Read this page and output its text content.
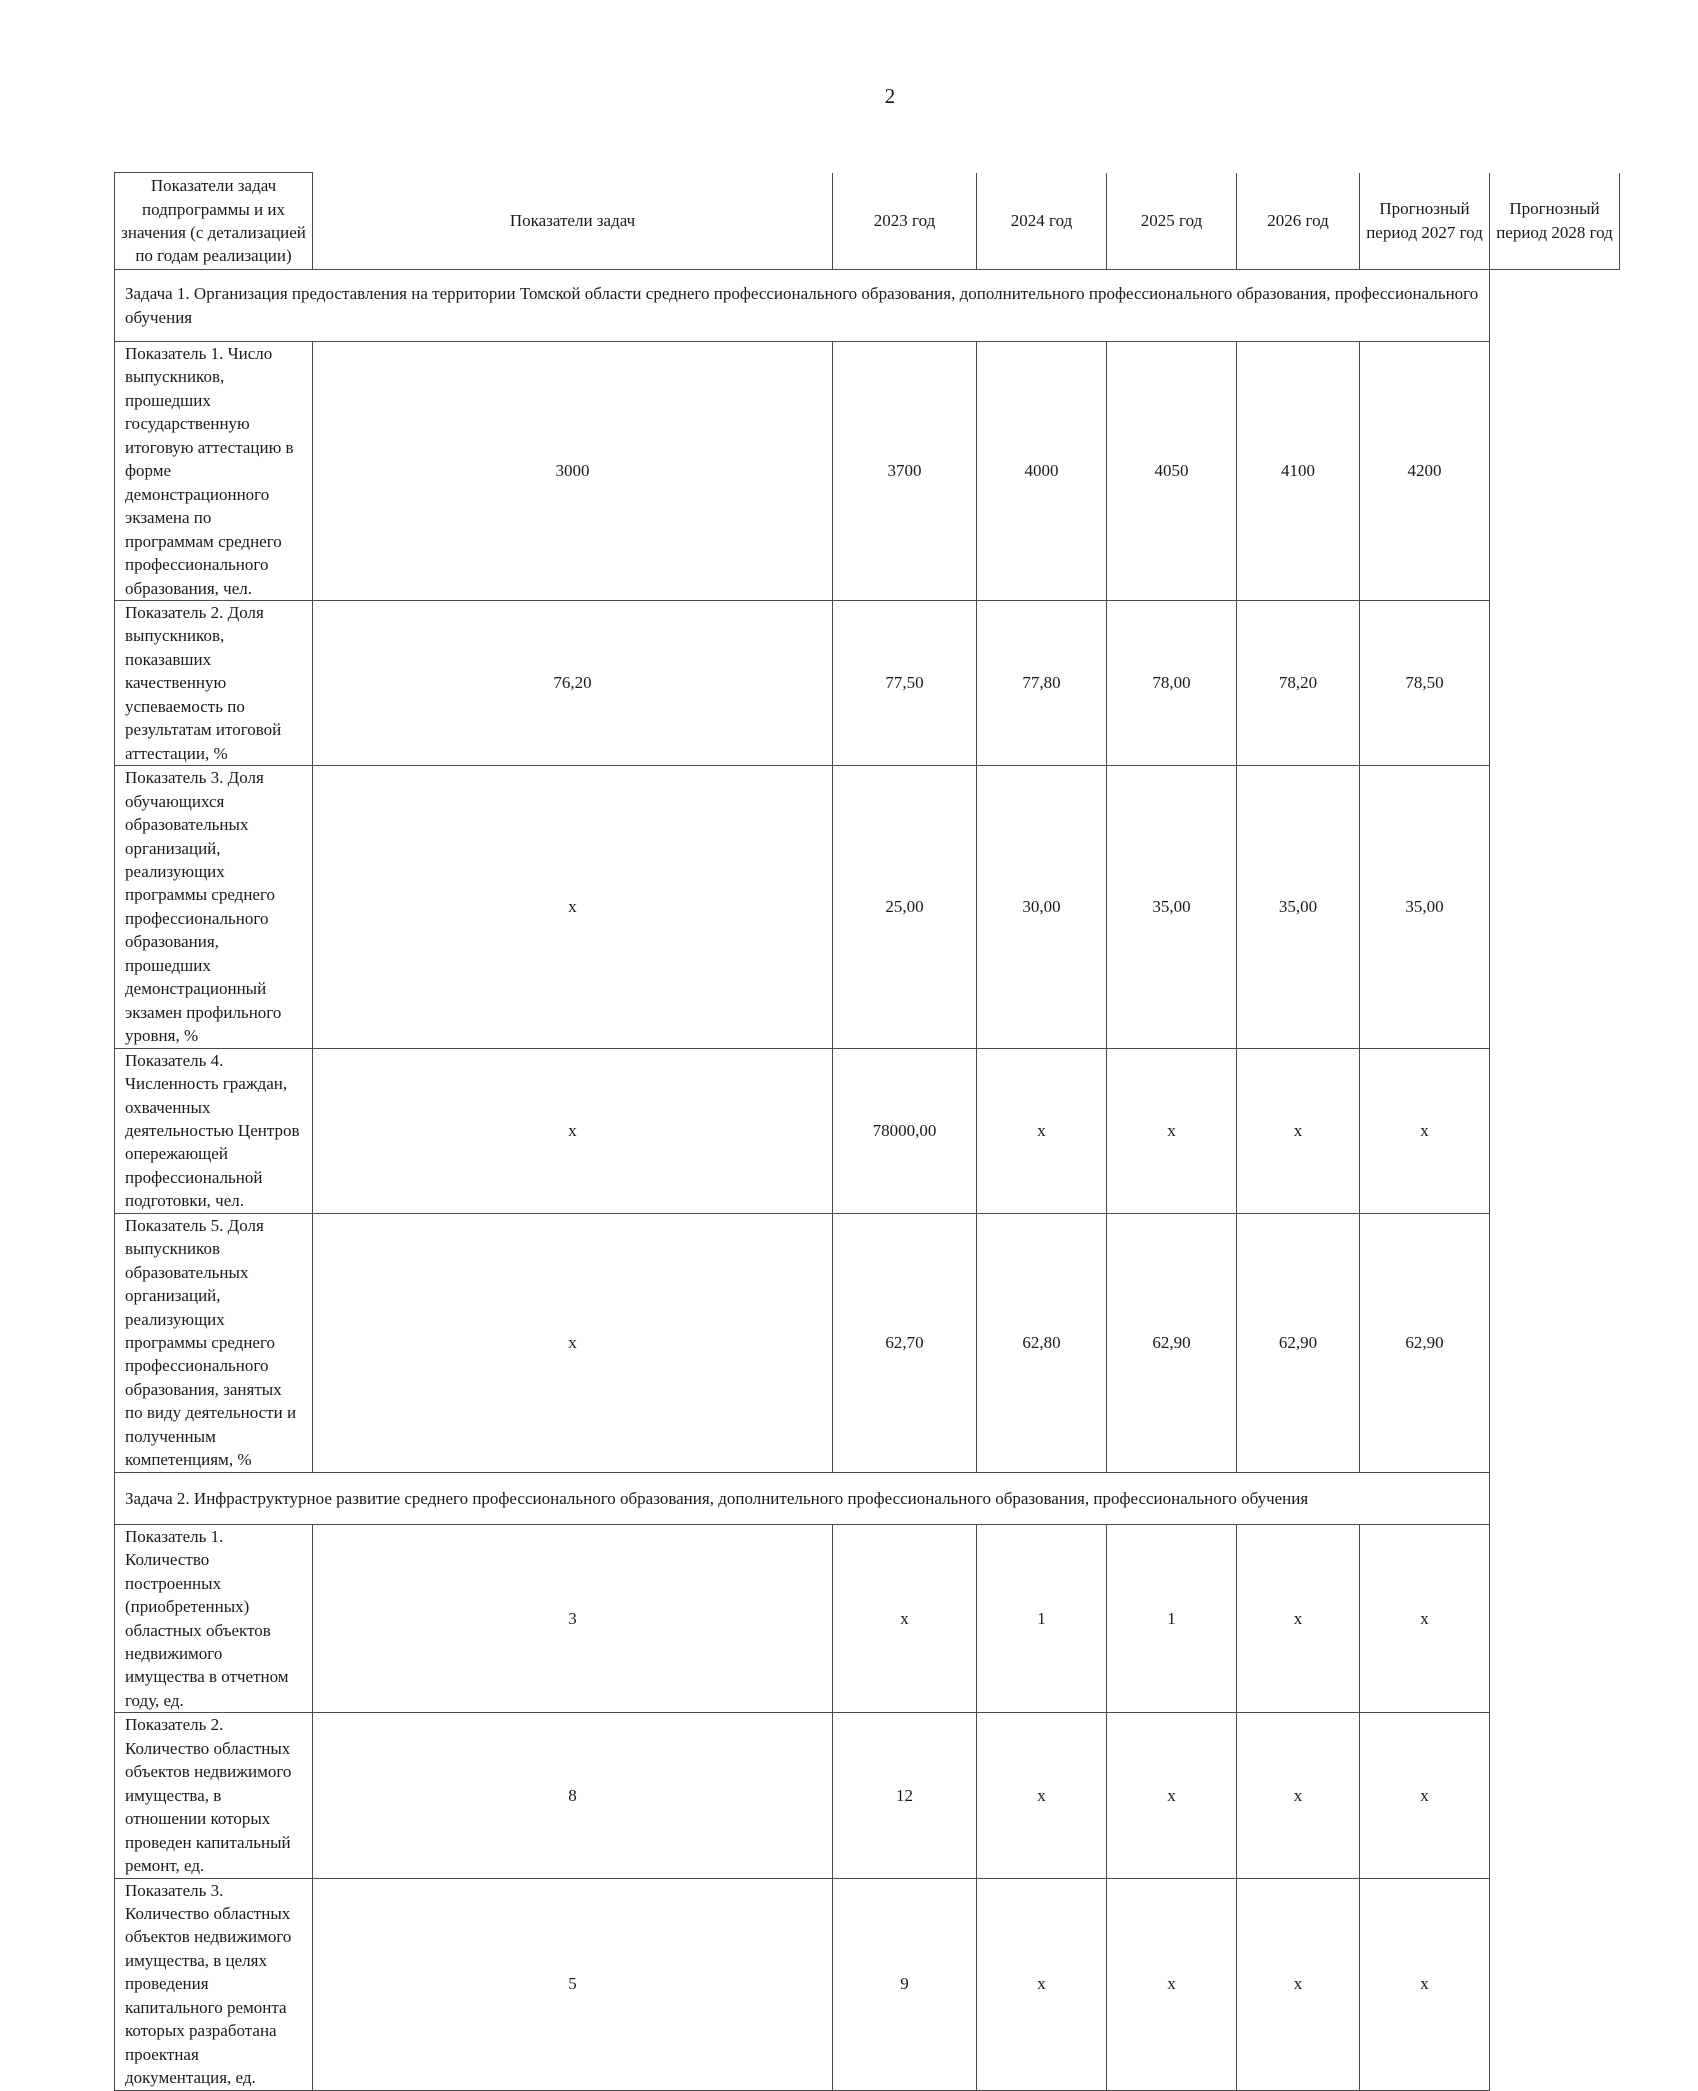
2
Показатели задач подпрограммы и их значения (с детализацией по годам реализации)	Показатели задач	2023 год	2024 год	2025 год	2026 год	Прогнозный период 2027 год	Прогнозный период 2028 год
Задача 1. Организация предоставления на территории Томской области среднего профессионального образования, дополнительного профессионального образования, профессионального обучения							
Показатель 1. Число выпускников, прошедших государственную итоговую аттестацию в форме демонстрационного экзамена по программам среднего профессионального образования, чел.	3000	3700	4000	4050	4100	4200	
Показатель 2. Доля выпускников, показавших качественную успеваемость по результатам итоговой аттестации, %	76,20	77,50	77,80	78,00	78,20	78,50	
Показатель 3. Доля обучающихся образовательных организаций, реализующих программы среднего профессионального образования, прошедших демонстрационный экзамен профильного уровня, %	x	25,00	30,00	35,00	35,00	35,00	
Показатель 4. Численность граждан, охваченных деятельностью Центров опережающей профессиональной подготовки, чел.	x	78000,00	x	x	x	x	
Показатель 5. Доля выпускников образовательных организаций, реализующих программы среднего профессионального образования, занятых по виду деятельности и полученным компетенциям, %	x	62,70	62,80	62,90	62,90	62,90	
Задача 2. Инфраструктурное развитие среднего профессионального образования, дополнительного профессионального образования, профессионального обучения							
Показатель 1. Количество построенных (приобретенных) областных объектов недвижимого имущества в отчетном году, ед.	3	x	1	1	x	x	
Показатель 2. Количество областных объектов недвижимого имущества, в отношении которых проведен капитальный ремонт, ед.	8	12	x	x	x	x	
Показатель 3. Количество областных объектов недвижимого имущества, в целях проведения капитального ремонта которых разработана проектная документация, ед.	5	9	x	x	x	x	
